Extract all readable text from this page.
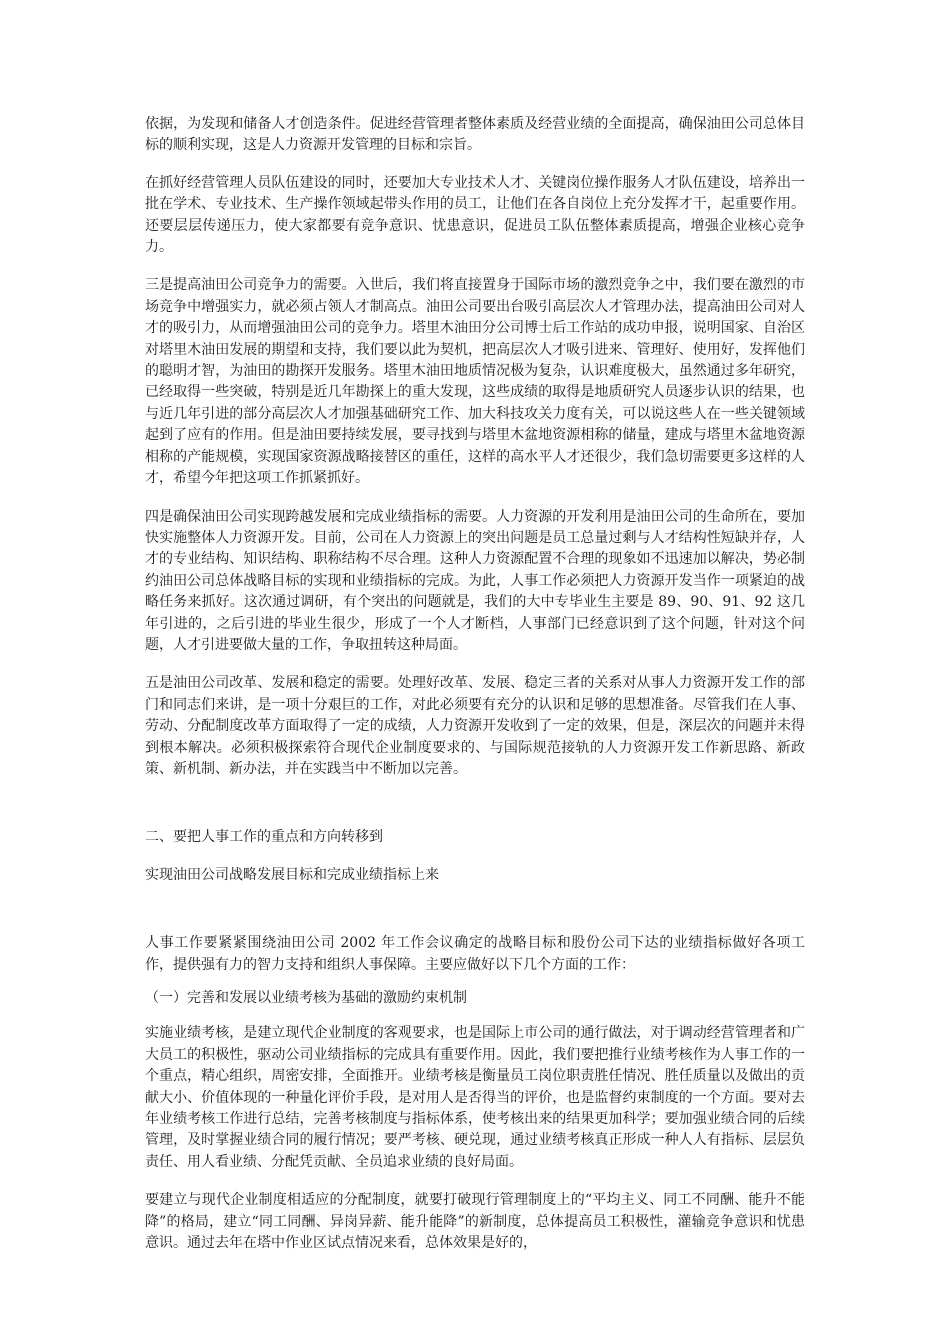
依据，为发现和储备人才创造条件。促进经营管理者整体素质及经营业绩的全面提高，确保油田公司总体目标的顺利实现，这是人力资源开发管理的目标和宗旨。

在抓好经营管理人员队伍建设的同时，还要加大专业技术人才、关键岗位操作服务人才队伍建设，培养出一批在学术、专业技术、生产操作领域起带头作用的员工，让他们在各自岗位上充分发挥才干，起重要作用。还要层层传递压力，使大家都要有竞争意识、忧患意识，促进员工队伍整体素质提高，增强企业核心竞争力。

三是提高油田公司竞争力的需要。入世后，我们将直接置身于国际市场的激烈竞争之中，我们要在激烈的市场竞争中增强实力，就必须占领人才制高点。油田公司要出台吸引高层次人才管理办法，提高油田公司对人才的吸引力，从而增强油田公司的竞争力。塔里木油田分公司博士后工作站的成功申报，说明国家、自治区对塔里木油田发展的期望和支持，我们要以此为契机，把高层次人才吸引进来、管理好、使用好，发挥他们的聪明才智，为油田的勘探开发服务。塔里木油田地质情况极为复杂，认识难度极大，虽然通过多年研究，已经取得一些突破，特别是近几年勘探上的重大发现，这些成绩的取得是地质研究人员逐步认识的结果，也与近几年引进的部分高层次人才加强基础研究工作、加大科技攻关力度有关，可以说这些人在一些关键领域起到了应有的作用。但是油田要持续发展，要寻找到与塔里木盆地资源相称的储量，建成与塔里木盆地资源相称的产能规模，实现国家资源战略接替区的重任，这样的高水平人才还很少，我们急切需要更多这样的人才，希望今年把这项工作抓紧抓好。

四是确保油田公司实现跨越发展和完成业绩指标的需要。人力资源的开发利用是油田公司的生命所在，要加快实施整体人力资源开发。目前，公司在人力资源上的突出问题是员工总量过剩与人才结构性短缺并存，人才的专业结构、知识结构、职称结构不尽合理。这种人力资源配置不合理的现象如不迅速加以解决，势必制约油田公司总体战略目标的实现和业绩指标的完成。为此，人事工作必须把人力资源开发当作一项紧迫的战略任务来抓好。这次通过调研，有个突出的问题就是，我们的大中专毕业生主要是 89、90、91、92 这几年引进的，之后引进的毕业生很少，形成了一个人才断档，人事部门已经意识到了这个问题，针对这个问题，人才引进要做大量的工作，争取扭转这种局面。

五是油田公司改革、发展和稳定的需要。处理好改革、发展、稳定三者的关系对从事人力资源开发工作的部门和同志们来讲，是一项十分艰巨的工作，对此必须要有充分的认识和足够的思想准备。尽管我们在人事、劳动、分配制度改革方面取得了一定的成绩，人力资源开发收到了一定的效果，但是，深层次的问题并未得到根本解决。必须积极探索符合现代企业制度要求的、与国际规范接轨的人力资源开发工作新思路、新政策、新机制、新办法，并在实践当中不断加以完善。

二、要把人事工作的重点和方向转移到

实现油田公司战略发展目标和完成业绩指标上来

人事工作要紧紧围绕油田公司 2002 年工作会议确定的战略目标和股份公司下达的业绩指标做好各项工作，提供强有力的智力支持和组织人事保障。主要应做好以下几个方面的工作：

（一）完善和发展以业绩考核为基础的激励约束机制

实施业绩考核，是建立现代企业制度的客观要求，也是国际上市公司的通行做法，对于调动经营管理者和广大员工的积极性，驱动公司业绩指标的完成具有重要作用。因此，我们要把推行业绩考核作为人事工作的一个重点，精心组织，周密安排，全面推开。业绩考核是衡量员工岗位职责胜任情况、胜任质量以及做出的贡献大小、价值体现的一种量化评价手段，是对用人是否得当的评价，也是监督约束制度的一个方面。要对去年业绩考核工作进行总结，完善考核制度与指标体系，使考核出来的结果更加科学；要加强业绩合同的后续管理，及时掌握业绩合同的履行情况；要严考核、硬兑现，通过业绩考核真正形成一种人人有指标、层层负责任、用人看业绩、分配凭贡献、全员追求业绩的良好局面。

要建立与现代企业制度相适应的分配制度，就要打破现行管理制度上的“平均主义、同工不同酬、能升不能降”的格局，建立“同工同酬、异岗异薪、能升能降”的新制度，总体提高员工积极性，灌输竞争意识和忧患意识。通过去年在塔中作业区试点情况来看，总体效果是好的，
